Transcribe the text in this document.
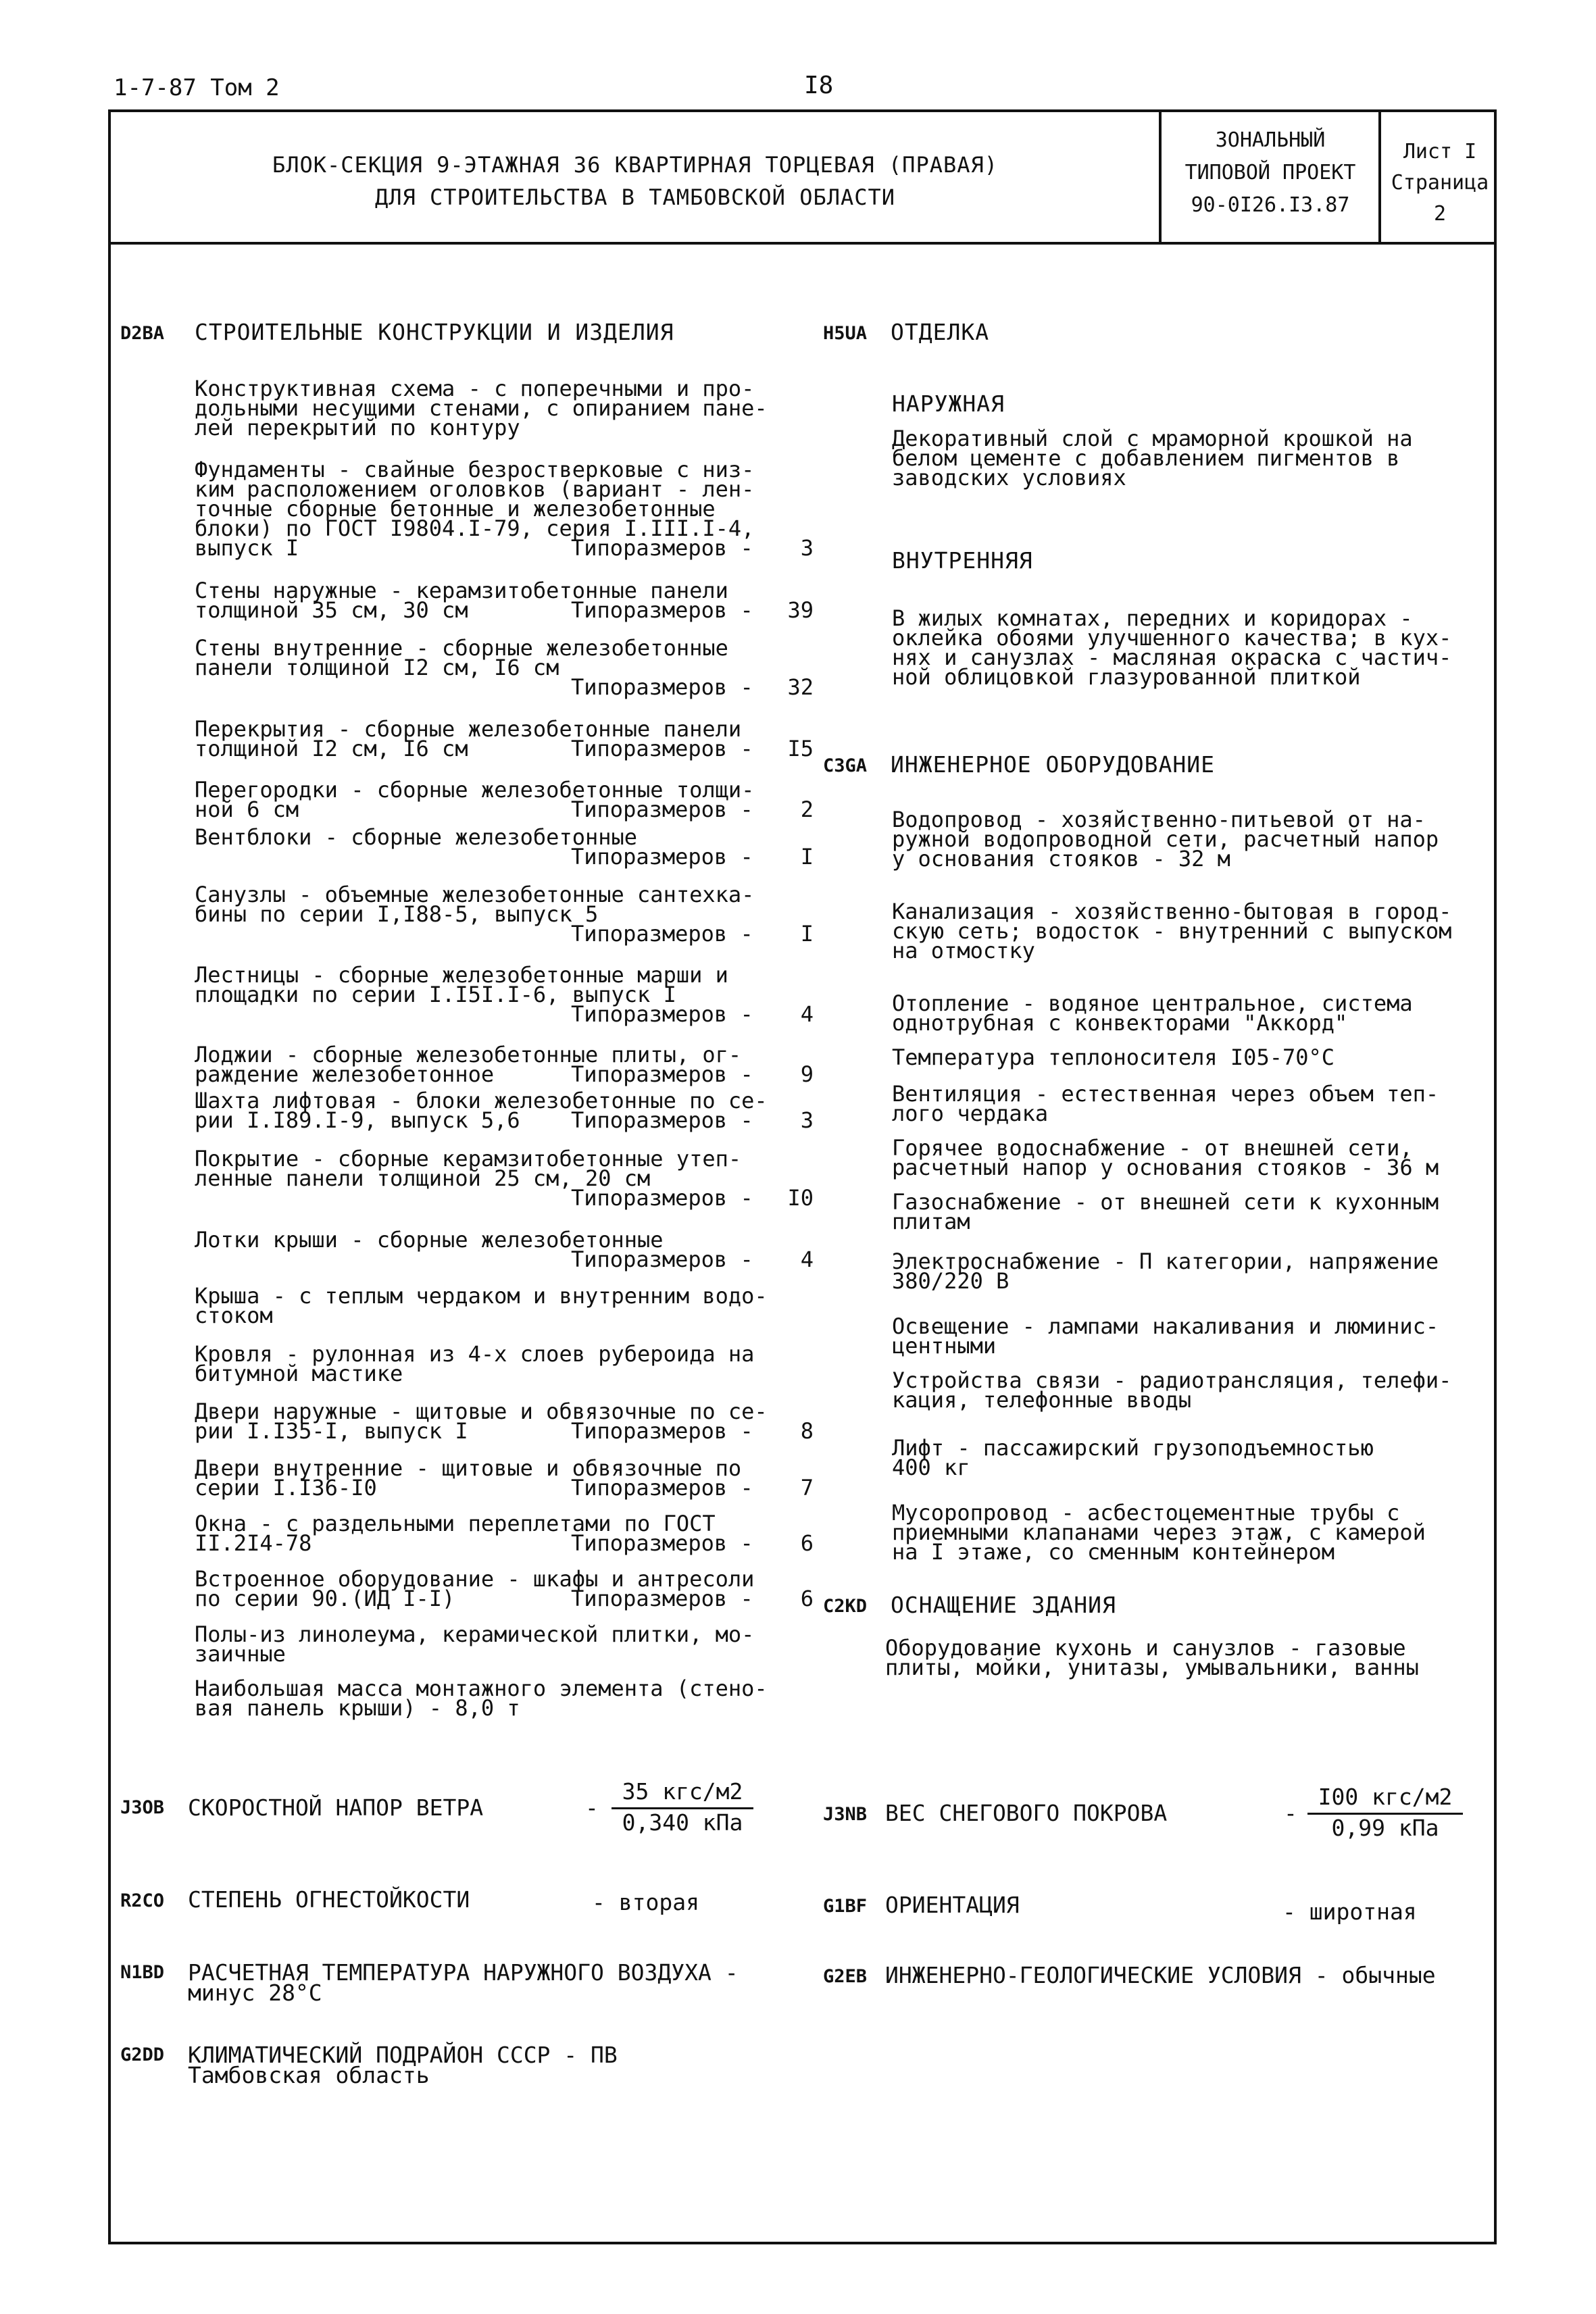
1-7-87 Том 2	I8
БЛОК-СЕКЦИЯ 9-ЭТАЖНАЯ 36 КВАРТИРНАЯ ТОРЦЕВАЯ (ПРАВАЯ)
ДЛЯ СТРОИТЕЛЬСТВА В ТАМБОВСКОЙ ОБЛАСТИ
ЗОНАЛЬНЫЙ
ТИПОВОЙ ПРОЕКТ
90-0I26.I3.87
Лист I
Страница 2
D2BA СТРОИТЕЛЬНЫЕ КОНСТРУКЦИИ И ИЗДЕЛИЯ
Конструктивная схема - с поперечными и про-
дольными несущими стенами, с опиранием пане-
лей перекрытий по контуру
Фундаменты - свайные безростверковые с низ-
ким расположением оголовков (вариант - лен-
точные сборные бетонные и железобетонные
блоки) по ГОСТ I9804.I-79, серия I.III.I-4,
выпуск I	Типоразмеров -	3
Стены наружные - керамзитобетонные панели
толщиной 35 см, 30 см	Типоразмеров - 39
Стены внутренние - сборные железобетонные
панели толщиной I2 см, I6 см
Типоразмеров - 32
Перекрытия - сборные железобетонные панели
толщиной I2 см, I6 см	Типоразмеров - I5
Перегородки - сборные железобетонные толщи-
ной 6 см	Типоразмеров -	2
Вентблоки - сборные железобетонные
Типоразмеров -	I
Санузлы - объемные железобетонные сантехка-
бины по серии I,I88-5, выпуск 5
Типоразмеров -	I
Лестницы - сборные железобетонные марши и
площадки по серии I.I5I.I-6, выпуск I
Типоразмеров -	4
Лоджии - сборные железобетонные плиты, ог-
раждение железобетонное	Типоразмеров -	9
Шахта лифтовая - блоки железобетонные по се-
рии I.I89.I-9, выпуск 5,6 Типоразмеров -	3
Покрытие - сборные керамзитобетонные утеп-
ленные панели толщиной 25 см, 20 см
Типоразмеров - I0
Лотки крыши - сборные железобетонные
Типоразмеров -	4
Крыша - с теплым чердаком и внутренним водо-
стоком
Кровля - рулонная из 4-х слоев рубероида на
битумной мастике
Двери наружные - щитовые и обвязочные по се-
рии I.I35-I, выпуск I	Типоразмеров -	8
Двери внутренние - щитовые и обвязочные по
серии I.I36-I0	Типоразмеров -	7
Окна - с раздельными переплетами по ГОСТ
II.2I4-78	Типоразмеров -	6
Встроенное оборудование - шкафы и антресоли
по серии 90.(ИД I-I)	Типоразмеров -	6
Полы-из линолеума, керамической плитки, мо-
заичные
Наибольшая масса монтажного элемента (стено-
вая панель крыши) - 8,0 т
H5UA ОТДЕЛКА
НАРУЖНАЯ
Декоративный слой с мраморной крошкой на
белом цементе с добавлением пигментов в
заводских условиях
ВНУТРЕННЯЯ
В жилых комнатах, передних и коридорах -
оклейка обоями улучшенного качества; в кух-
нях и санузлах - масляная окраска с частич-
ной облицовкой глазурованной плиткой
C3GA ИНЖЕНЕРНОЕ ОБОРУДОВАНИЕ
Водопровод - хозяйственно-питьевой от на-
ружной водопроводной сети, расчетный напор
у основания стояков - 32 м
Канализация - хозяйственно-бытовая в город-
скую сеть; водосток - внутренний с выпуском
на отмостку
Отопление - водяное центральное, система
однотрубная с конвекторами "Аккорд"
Температура теплоносителя I05-70°С
Вентиляция - естественная через объем теп-
лого чердака
Горячее водоснабжение - от внешней сети,
расчетный напор у основания стояков - 36 м
Газоснабжение - от внешней сети к кухонным
плитам
Электроснабжение - П категории, напряжение
380/220 В
Освещение - лампами накаливания и люминис-
центными
Устройства связи - радиотрансляция, телефи-
кация, телефонные вводы
Лифт - пассажирский грузоподъемностью
400 кг
Мусоропровод - асбестоцементные трубы с
приемными клапанами через этаж, с камерой
на I этаже, со сменным контейнером
C2KD ОСНАЩЕНИЕ ЗДАНИЯ
Оборудование кухонь и санузлов - газовые
плиты, мойки, унитазы, умывальники, ванны
J3OB СКОРОСТНОЙ НАПОР ВЕТРА	-
35 кгс/м2
0,340 кПа	J3NB ВЕС СНЕГОВОГО ПОКРОВА	-
I00 кгс/м2
0,99 кПа
R2CO СТЕПЕНЬ ОГНЕСТОЙКОСТИ	- вторая	G1BF ОРИЕНТАЦИЯ	- широтная
N1BD РАСЧЕТНАЯ ТЕМПЕРАТУРА НАРУЖНОГО ВОЗДУХА -
минус 28°С
G2EB ИНЖЕНЕРНО-ГЕОЛОГИЧЕСКИЕ УСЛОВИЯ - обычные
G2DD КЛИМАТИЧЕСКИЙ ПОДРАЙОН СССР - ПВ
Тамбовская область
